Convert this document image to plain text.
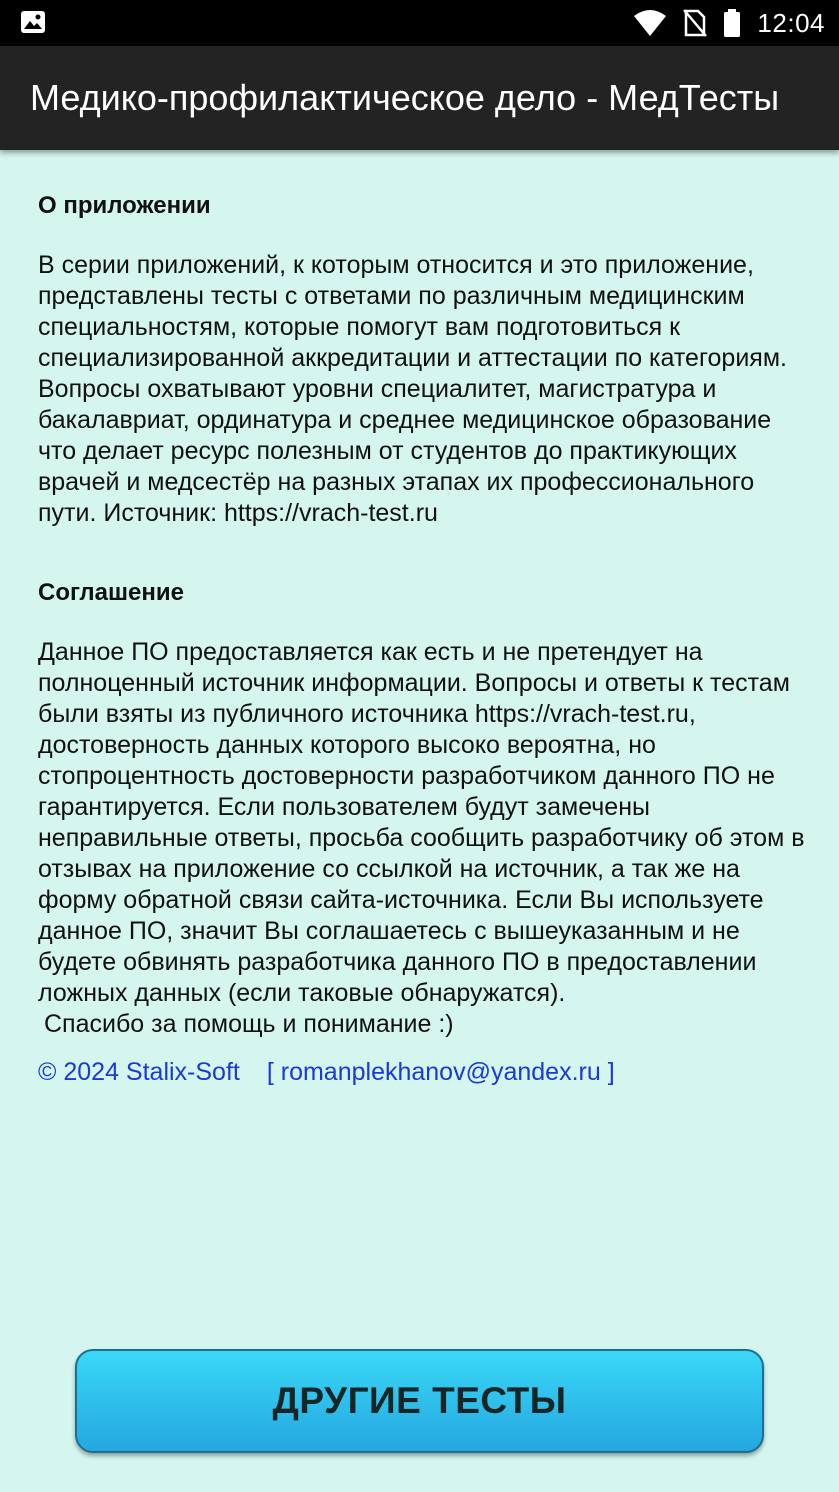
12:04
Медико-профилактическое дело - МедТесты
О приложении

В серии приложений, к которым относится и это приложение, представлены тесты с ответами по различным медицинским специальностям, которые помогут вам подготовиться к специализированной аккредитации и аттестации по категориям. Вопросы охватывают уровни специалитет, магистратура и бакалавриат, ординатура и среднее медицинское образование что делает ресурс полезным от студентов до практикующих врачей и медсестёр на разных этапах их профессионального пути. Источник: https://vrach-test.ru

Соглашение

Данное ПО предоставляется как есть и не претендует на полноценный источник информации. Вопросы и ответы к тестам были взяты из публичного источника https://vrach-test.ru, достоверность данных которого высоко вероятна, но стопроцентность достоверности разработчиком данного ПО не гарантируется. Если пользователем будут замечены неправильные ответы, просьба сообщить разработчику об этом в отзывах на приложение со ссылкой на источник, а так же на форму обратной связи сайта-источника. Если Вы используете данное ПО, значит Вы соглашаетесь с вышеуказанным и не будете обвинять разработчика данного ПО в предоставлении ложных данных (если таковые обнаружатся).

Спасибо за помощь и понимание :)

© 2024 Stalix-Soft [ romanplekhanov@yandex.ru ]
ДРУГИЕ ТЕСТЫ
